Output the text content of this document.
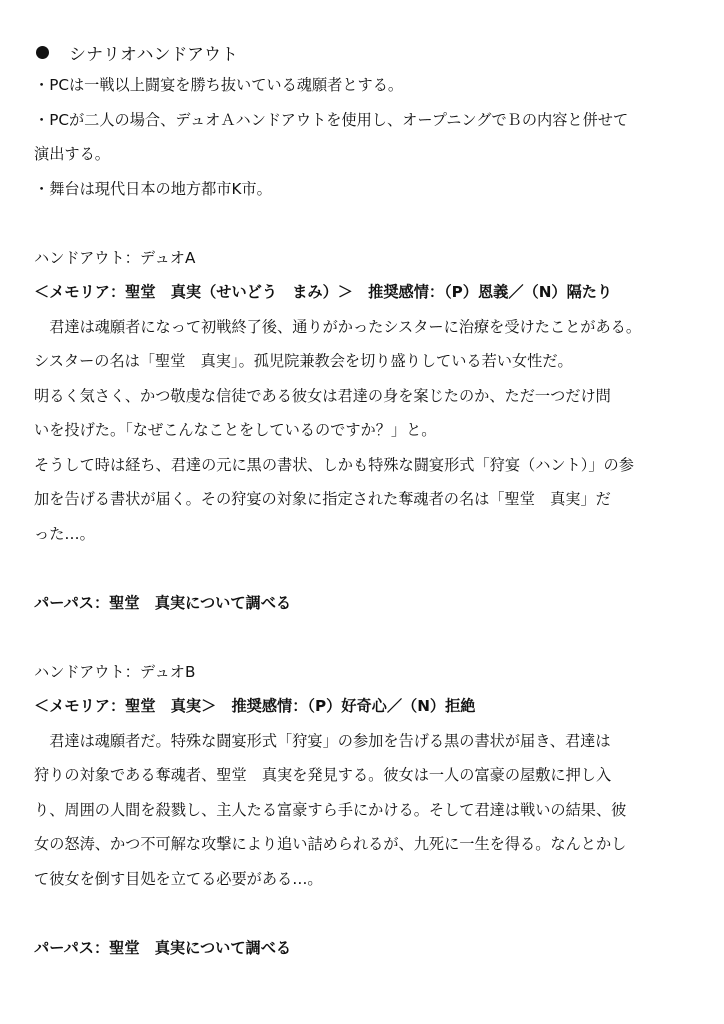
シナリオハンドアウト
・PCは一戦以上闘宴を勝ち抜いている魂願者とする。
・PCが二人の場合、デュオＡハンドアウトを使用し、オープニングでＢの内容と併せて
演出する。
・舞台は現代日本の地方都市K市。
ハンドアウト：デュオA
＜メモリア：聖堂　真実（せいどう　まみ）＞　推奨感情：（P）恩義／（N）隔たり
　君達は魂願者になって初戦終了後、通りがかったシスターに治療を受けたことがある。
シスターの名は「聖堂　真実」。孤児院兼教会を切り盛りしている若い女性だ。
明るく気さく、かつ敬虔な信徒である彼女は君達の身を案じたのか、ただ一つだけ問
いを投げた。「なぜこんなことをしているのですか？」と。
そうして時は経ち、君達の元に黒の書状、しかも特殊な闘宴形式「狩宴（ハント）」の参
加を告げる書状が届く。その狩宴の対象に指定された奪魂者の名は「聖堂　真実」だ
った…。
パーパス：聖堂　真実について調べる
ハンドアウト：デュオB
＜メモリア：聖堂　真実＞　推奨感情：（P）好奇心／（N）拒絶
　君達は魂願者だ。特殊な闘宴形式「狩宴」の参加を告げる黒の書状が届き、君達は
狩りの対象である奪魂者、聖堂　真実を発見する。彼女は一人の富豪の屋敷に押し入
り、周囲の人間を殺戮し、主人たる富豪すら手にかける。そして君達は戦いの結果、彼
女の怒涛、かつ不可解な攻撃により追い詰められるが、九死に一生を得る。なんとかし
て彼女を倒す目処を立てる必要がある…。
パーパス：聖堂　真実について調べる
